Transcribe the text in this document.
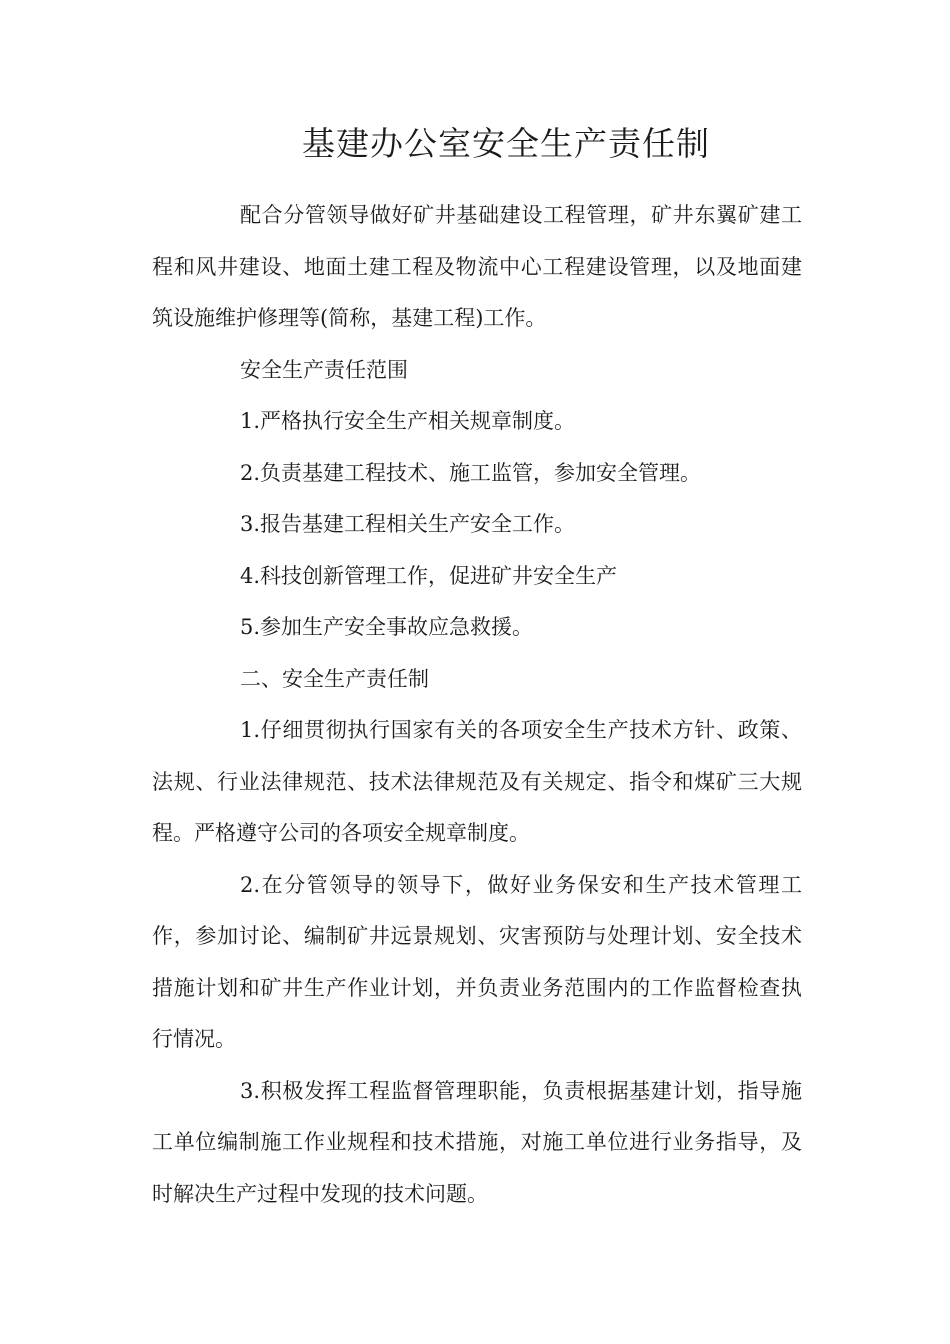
基建办公室安全生产责任制

配合分管领导做好矿井基础建设工程管理，矿井东翼矿建工程和风井建设、地面土建工程及物流中心工程建设管理，以及地面建筑设施维护修理等(简称，基建工程)工作。

安全生产责任范围

1.严格执行安全生产相关规章制度。

2.负责基建工程技术、施工监管，参加安全管理。

3.报告基建工程相关生产安全工作。

4.科技创新管理工作，促进矿井安全生产

5.参加生产安全事故应急救援。

二、安全生产责任制

1.仔细贯彻执行国家有关的各项安全生产技术方针、政策、法规、行业法律规范、技术法律规范及有关规定、指令和煤矿三大规程。严格遵守公司的各项安全规章制度。

2.在分管领导的领导下，做好业务保安和生产技术管理工作，参加讨论、编制矿井远景规划、灾害预防与处理计划、安全技术措施计划和矿井生产作业计划，并负责业务范围内的工作监督检查执行情况。

3.积极发挥工程监督管理职能，负责根据基建计划，指导施工单位编制施工作业规程和技术措施，对施工单位进行业务指导，及时解决生产过程中发现的技术问题。
